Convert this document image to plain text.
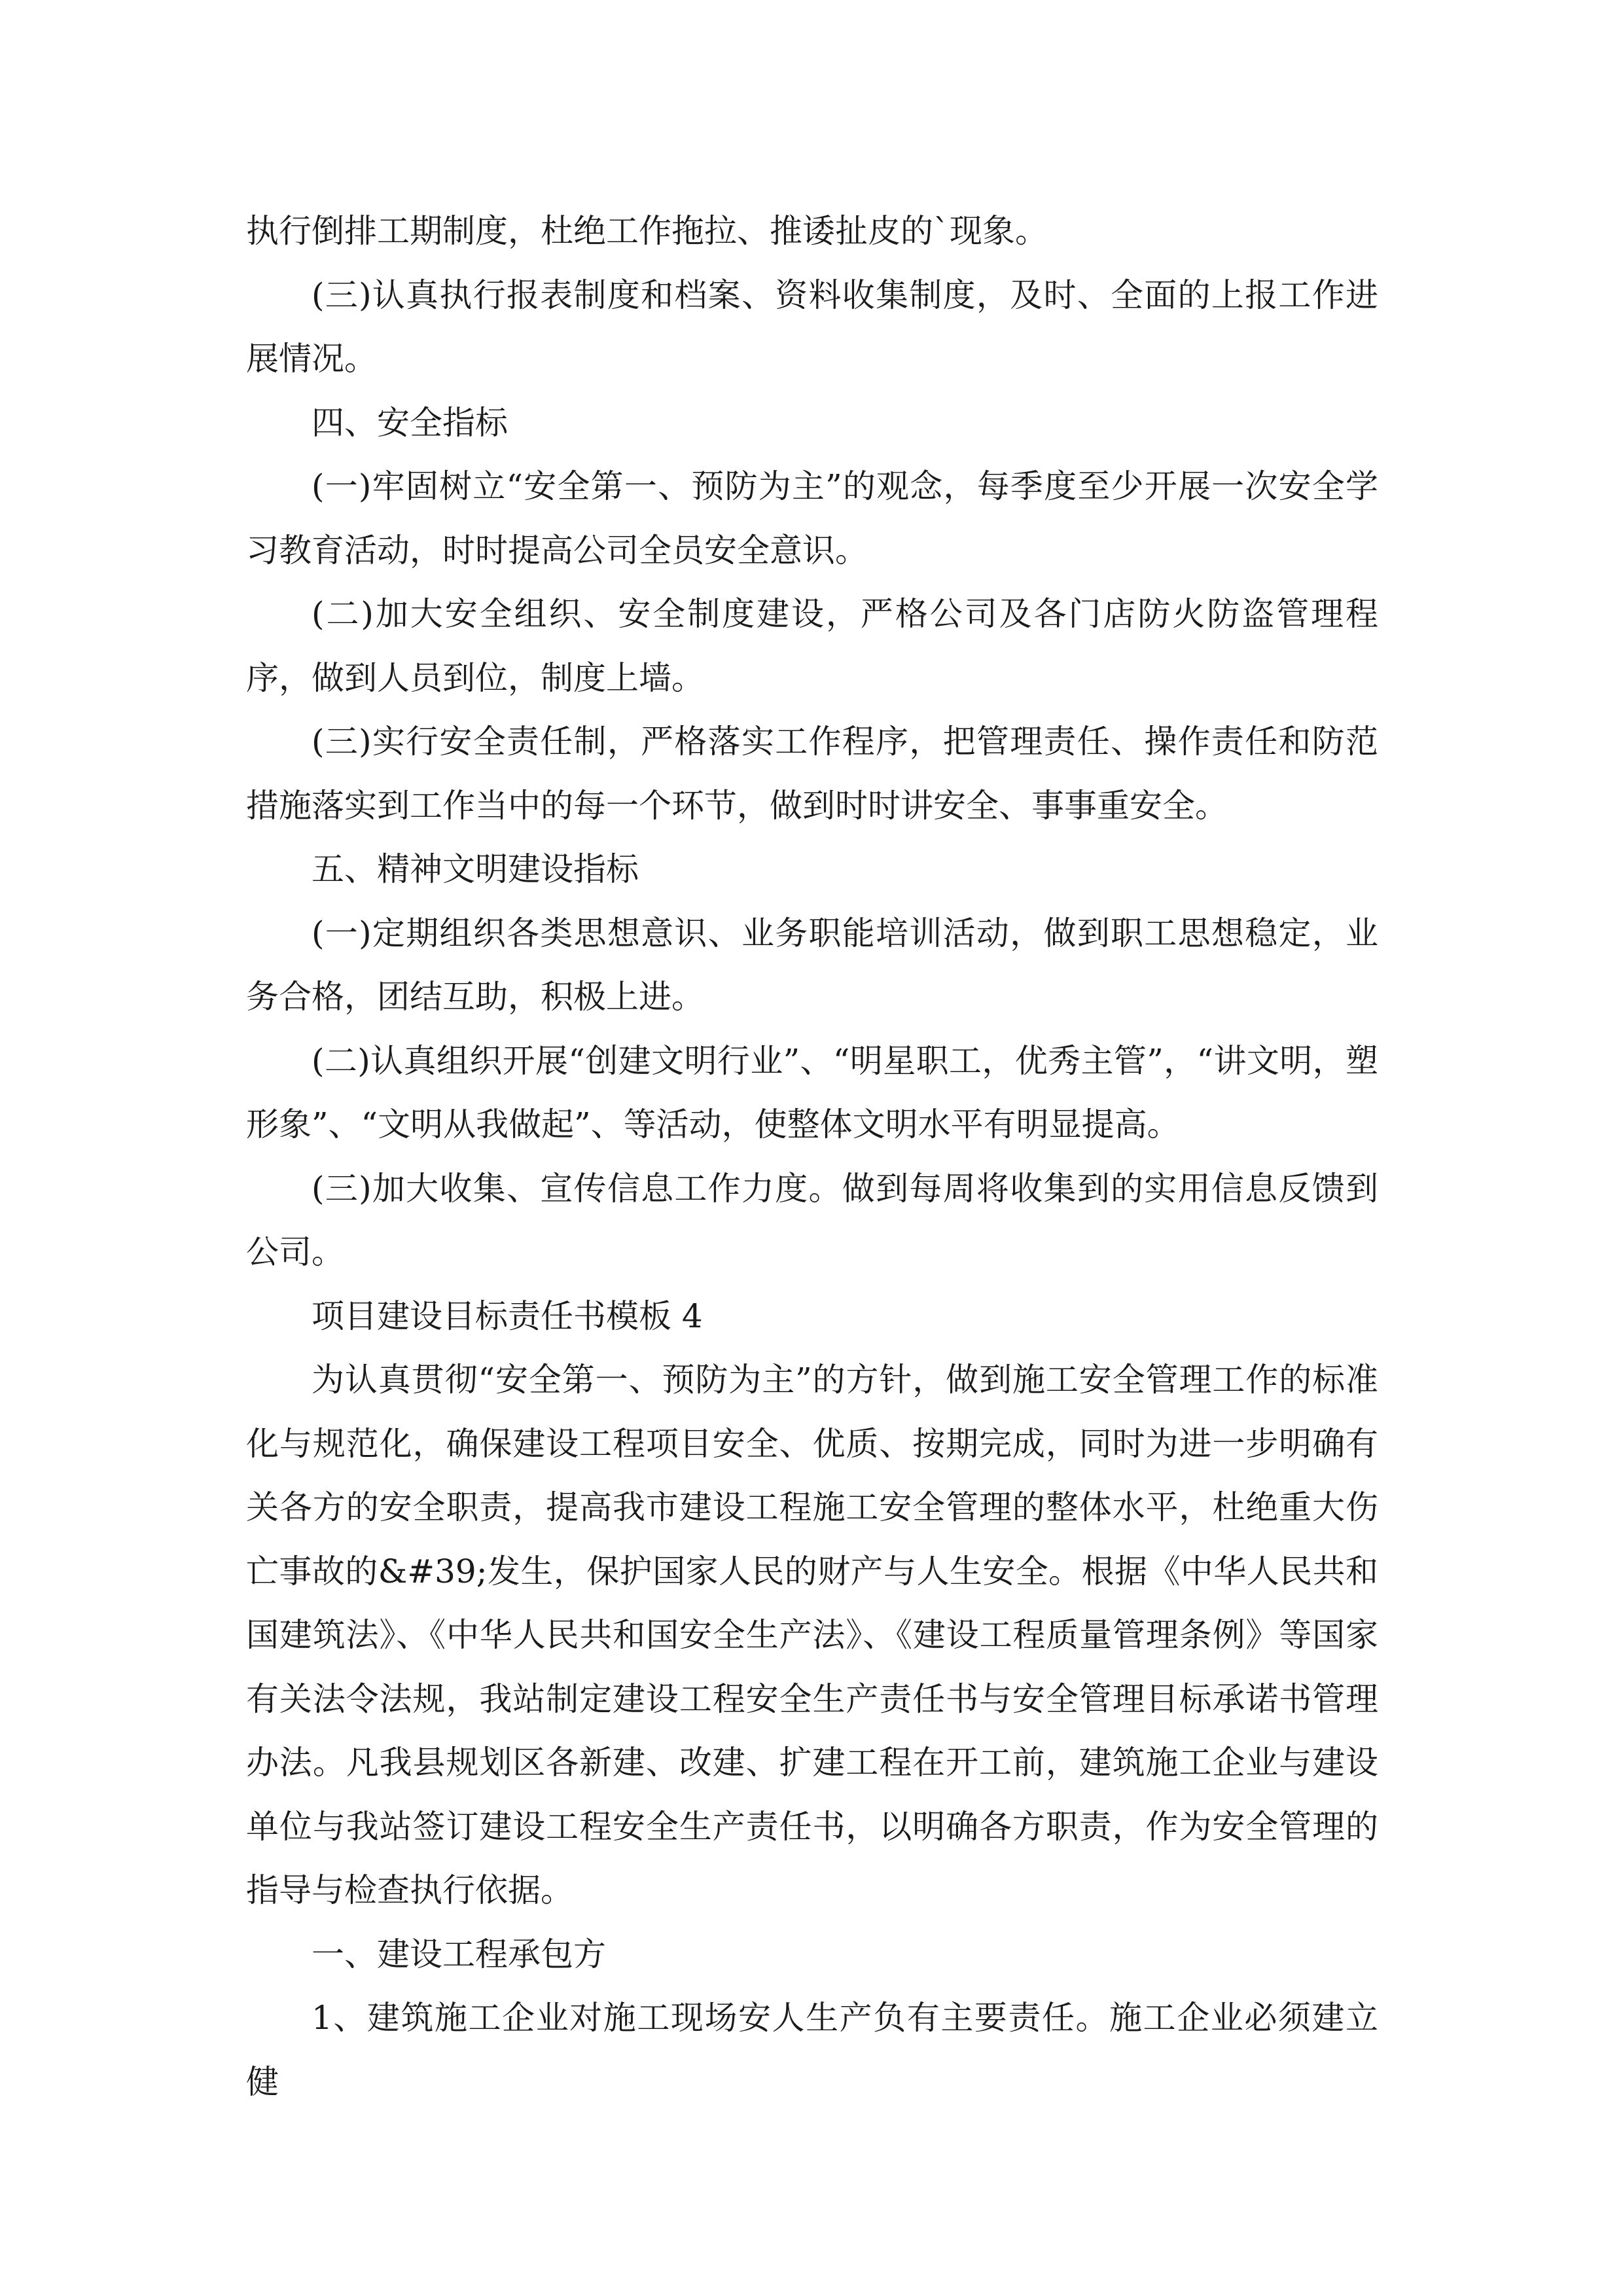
执行倒排工期制度，杜绝工作拖拉、推诿扯皮的`现象。

(三)认真执行报表制度和档案、资料收集制度，及时、全面的上报工作进展情况。

四、安全指标

(一)牢固树立“安全第一、预防为主”的观念，每季度至少开展一次安全学习教育活动，时时提高公司全员安全意识。

(二)加大安全组织、安全制度建设，严格公司及各门店防火防盗管理程序，做到人员到位，制度上墙。

(三)实行安全责任制，严格落实工作程序，把管理责任、操作责任和防范措施落实到工作当中的每一个环节，做到时时讲安全、事事重安全。

五、精神文明建设指标

(一)定期组织各类思想意识、业务职能培训活动，做到职工思想稳定，业务合格，团结互助，积极上进。

(二)认真组织开展“创建文明行业”、“明星职工，优秀主管”，“讲文明，塑形象”、“文明从我做起”、等活动，使整体文明水平有明显提高。

(三)加大收集、宣传信息工作力度。做到每周将收集到的实用信息反馈到公司。

项目建设目标责任书模板 4

为认真贯彻“安全第一、预防为主”的方针，做到施工安全管理工作的标准化与规范化，确保建设工程项目安全、优质、按期完成，同时为进一步明确有关各方的安全职责，提高我市建设工程施工安全管理的整体水平，杜绝重大伤亡事故的&#39;发生，保护国家人民的财产与人生安全。根据《中华人民共和国建筑法》、《中华人民共和国安全生产法》、《建设工程质量管理条例》等国家有关法令法规，我站制定建设工程安全生产责任书与安全管理目标承诺书管理办法。凡我县规划区各新建、改建、扩建工程在开工前，建筑施工企业与建设单位与我站签订建设工程安全生产责任书，以明确各方职责，作为安全管理的指导与检查执行依据。

一、建设工程承包方

1、建筑施工企业对施工现场安人生产负有主要责任。施工企业必须建立健
